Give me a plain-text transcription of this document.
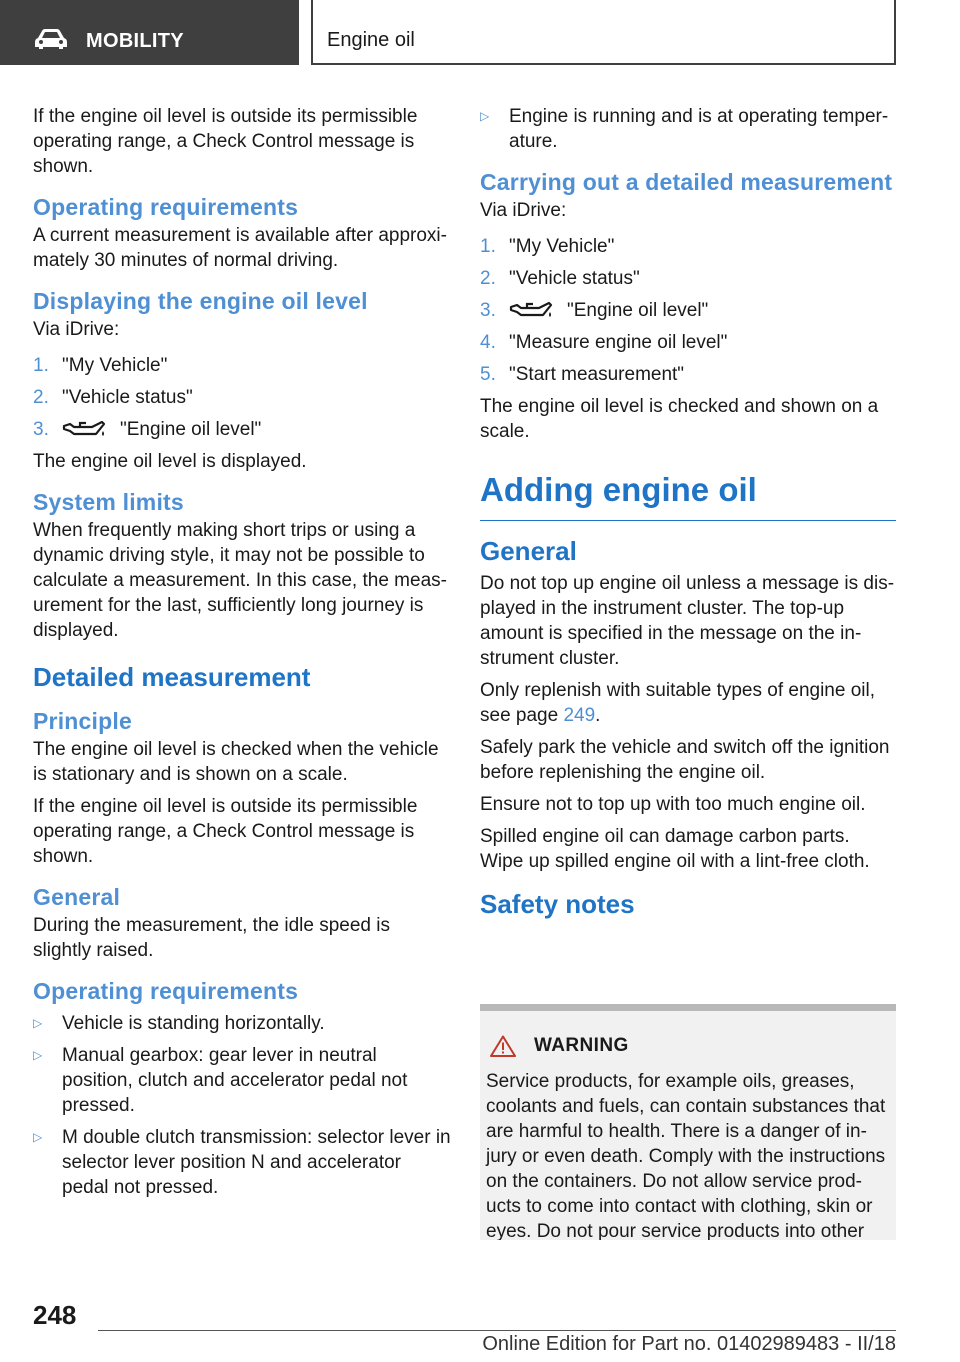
MOBILITY	Engine oil

If the engine oil level is outside its permissible operating range, a Check Control message is shown.

Operating requirements

A current measurement is available after approxi-mately 30 minutes of normal driving.

Displaying the engine oil level

Via iDrive:

1. "My Vehicle"
2. "Vehicle status"
3.	"Engine oil level"

The engine oil level is displayed.

System limits

When frequently making short trips or using a dynamic driving style, it may not be possible to calculate a measurement. In this case, the meas-urement for the last, sufficiently long journey is displayed.

Detailed measurement
Principle

The engine oil level is checked when the vehicle is stationary and is shown on a scale.

If the engine oil level is outside its permissible operating range, a Check Control message is shown.

General

During the measurement, the idle speed is slightly raised.

Operating requirements
▷	Vehicle is standing horizontally.
▷	Manual gearbox: gear lever in neutral position, clutch and accelerator pedal not pressed.
▷	M double clutch transmission: selector lever in selector lever position N and accelerator pedal not pressed.
▷	Engine is running and is at operating temper-ature.
Carrying out a detailed measurement

Via iDrive:

1. "My Vehicle"
2. "Vehicle status"
3.	"Engine oil level"
4. "Measure engine oil level"
5. "Start measurement"

The engine oil level is checked and shown on a scale.

Adding engine oil
General

Do not top up engine oil unless a message is dis-played in the instrument cluster. The top-up amount is specified in the message on the in-strument cluster.

Only replenish with suitable types of engine oil, see page 249.

Safely park the vehicle and switch off the ignition before replenishing the engine oil.

Ensure not to top up with too much engine oil.

Spilled engine oil can damage carbon parts. Wipe up spilled engine oil with a lint-free cloth.

Safety notes
WARNING
Service products, for example oils, greases, coolants and fuels, can contain substances that are harmful to health. There is a danger of in-jury or even death. Comply with the instructions on the containers. Do not allow service prod-ucts to come into contact with clothing, skin or eyes. Do not pour service products into other
248
Online Edition for Part no. 01402989483 - II/18
